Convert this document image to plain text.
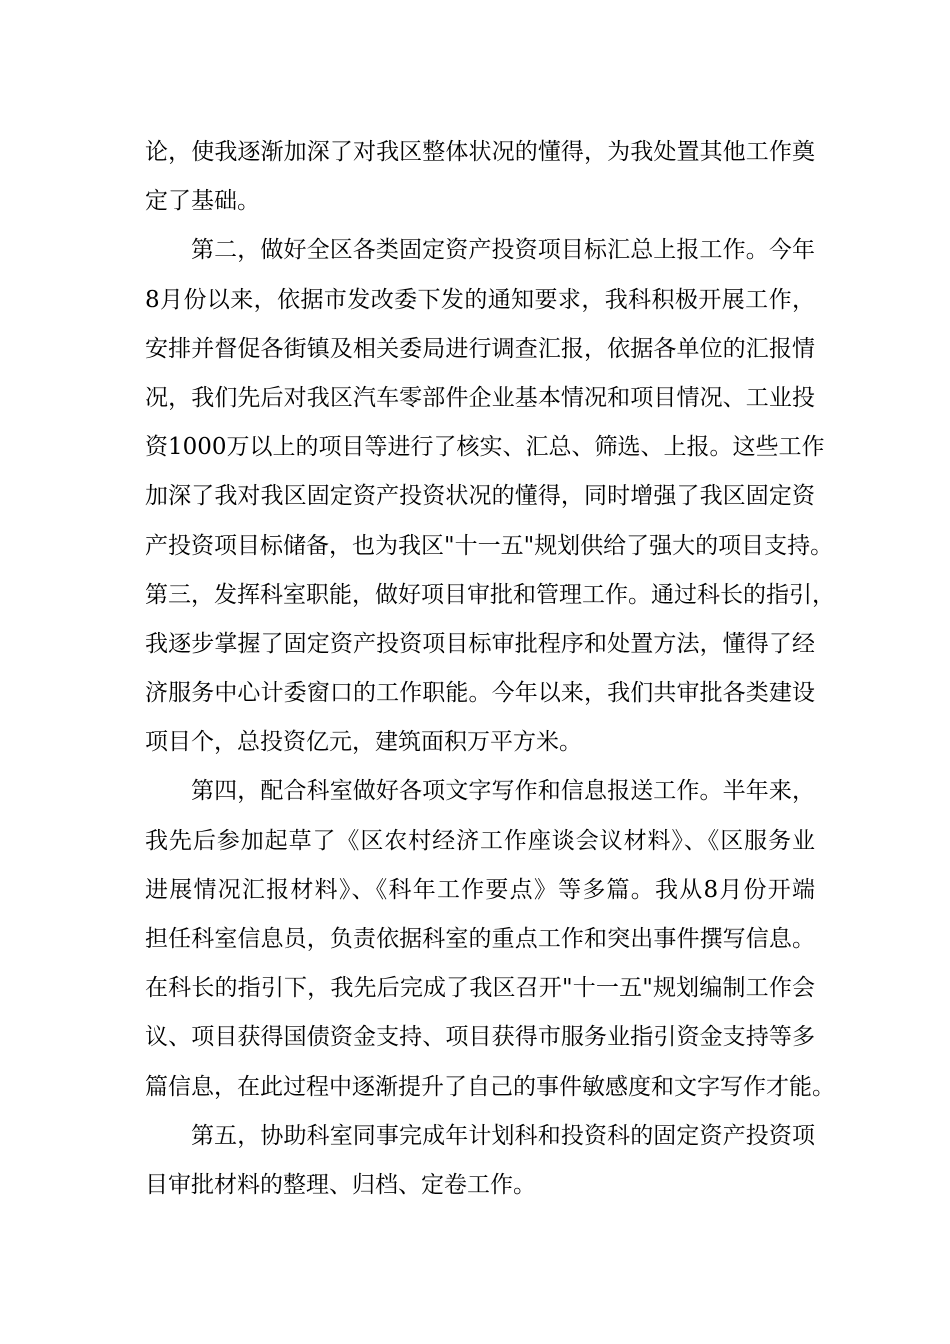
论，使我逐渐加深了对我区整体状况的懂得，为我处置其他工作奠
定了基础。
第二，做好全区各类固定资产投资项目标汇总上报工作。今年
8月份以来，依据市发改委下发的通知要求，我科积极开展工作，
安排并督促各街镇及相关委局进行调查汇报，依据各单位的汇报情
况，我们先后对我区汽车零部件企业基本情况和项目情况、工业投
资1000万以上的项目等进行了核实、汇总、筛选、上报。这些工作
加深了我对我区固定资产投资状况的懂得，同时增强了我区固定资
产投资项目标储备，也为我区"十一五"规划供给了强大的项目支持。
第三，发挥科室职能，做好项目审批和管理工作。通过科长的指引，
我逐步掌握了固定资产投资项目标审批程序和处置方法，懂得了经
济服务中心计委窗口的工作职能。今年以来，我们共审批各类建设
项目个，总投资亿元，建筑面积万平方米。
第四，配合科室做好各项文字写作和信息报送工作。半年来，
我先后参加起草了《区农村经济工作座谈会议材料》、《区服务业
进展情况汇报材料》、《科年工作要点》等多篇。我从8月份开端
担任科室信息员，负责依据科室的重点工作和突出事件撰写信息。
在科长的指引下，我先后完成了我区召开"十一五"规划编制工作会
议、项目获得国债资金支持、项目获得市服务业指引资金支持等多
篇信息，在此过程中逐渐提升了自己的事件敏感度和文字写作才能。
第五，协助科室同事完成年计划科和投资科的固定资产投资项
目审批材料的整理、归档、定卷工作。
